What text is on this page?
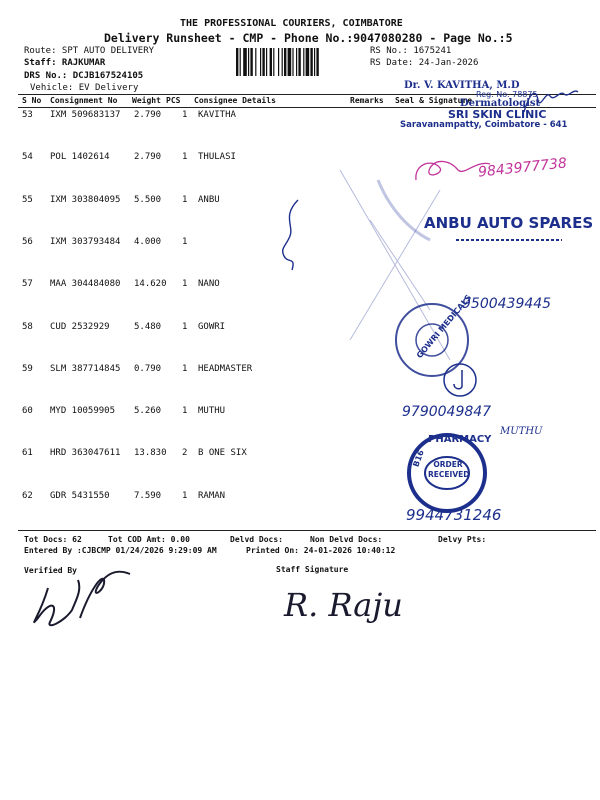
THE PROFESSIONAL COURIERS, COIMBATORE
Delivery Runsheet - CMP - Phone No.:9047080280 - Page No.:5
Route: SPT AUTO DELIVERY
Staff: RAJKUMAR
DRS No.: DCJB167524105
Vehicle: EV Delivery
RS No.: 1675241
RS Date: 24-Jan-2026
S No Consignment No Weight PCS Consignee Details	Remarks Seal & Signature
53 IXM 509683137 2.790 1 KAVITHA
54 POL 1402614	2.790 1 THULASI
55 IXM 303804095 5.500 1 ANBU
56 IXM 303793484 4.000 1
57 MAA 304484080 14.620 1 NANO
58 CUD 2532929	5.480 1 GOWRI
59 SLM 387714845 0.790 1 HEADMASTER
60 MYD 10059905 5.260 1 MUTHU
61 HRD 363047611 13.830 2 B ONE SIX
62 GDR 5431550	7.590 1 RAMAN
Tot Docs: 62	Tot COD Amt: 0.00	Delvd Docs:	Non Delvd Docs:	Delvy Pts:
Entered By :CJBCMP 01/24/2026 9:29:09 AM	Printed On: 24-01-2026 10:40:12
Verified By	Staff Signature
R. Raju
Dr. V. KAVITHA, M.D
Reg. No. 78875
Dermatologist
SRI SKIN CLINIC
Saravanampatty, Coimbatore - 641
9843977738
ANBU AUTO SPARES
9500439445
GOWRI MEDICALS
9790049847
MUTHU
PHARMACY
B16	ORDER RECEIVED
9944731246
